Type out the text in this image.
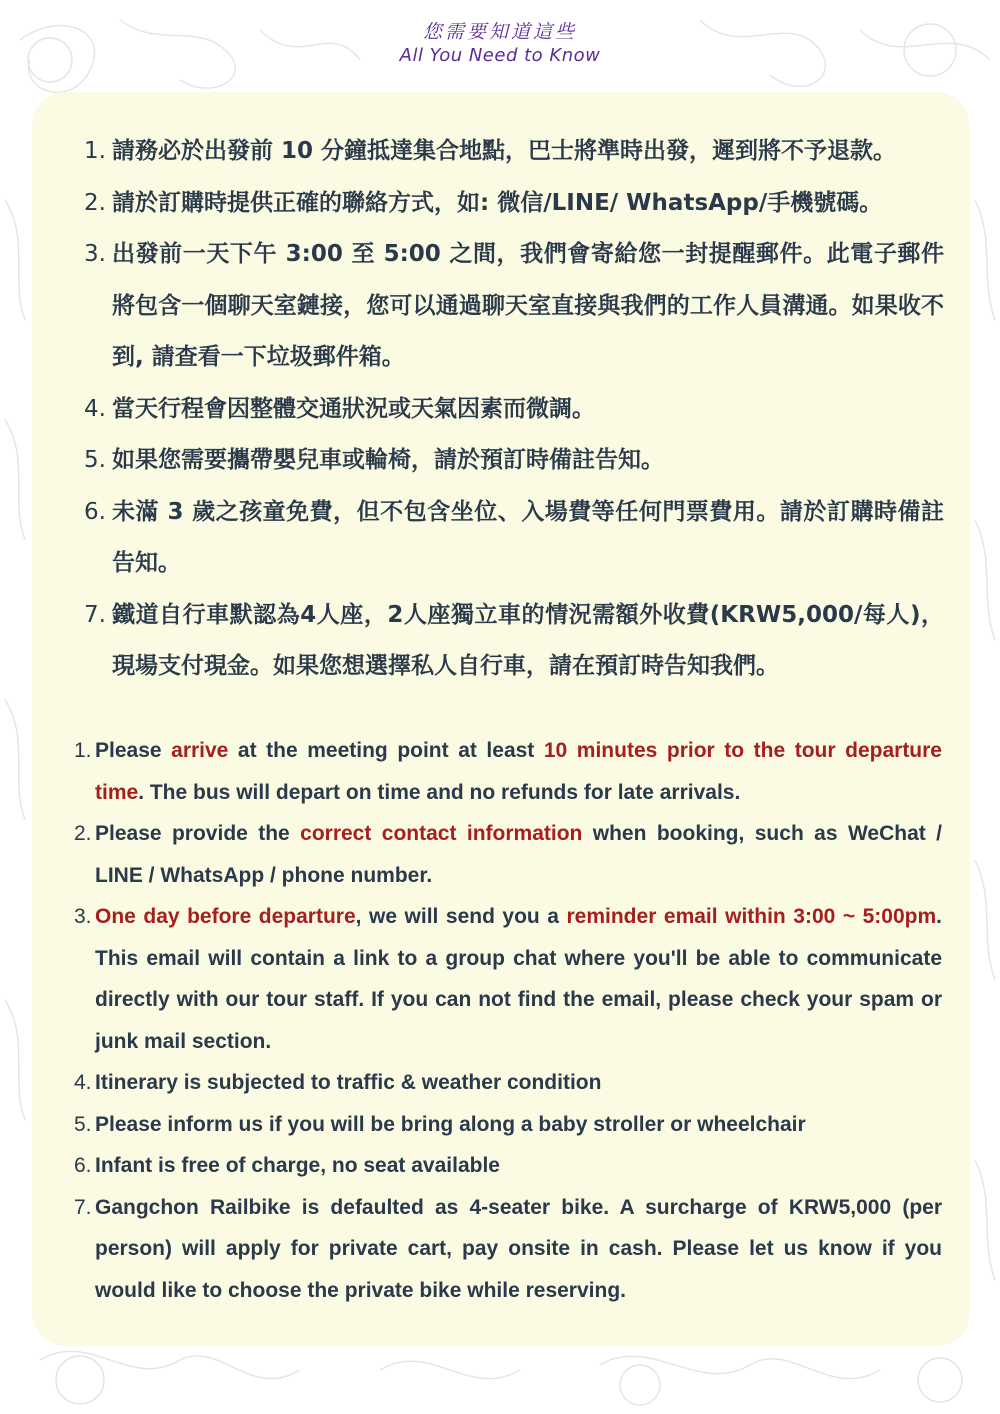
您需要知道這些
All You Need to Know
1. 請務必於出發前 10 分鐘抵達集合地點，巴士將準時出發，遲到將不予退款。
2. 請於訂購時提供正確的聯絡方式，如: 微信/LINE/ WhatsApp/手機號碼。
3. 出發前一天下午 3:00 至 5:00 之間，我們會寄給您一封提醒郵件。此電子郵件將包含一個聊天室鏈接，您可以通過聊天室直接與我們的工作人員溝通。如果收不到, 請查看一下垃圾郵件箱。
4. 當天行程會因整體交通狀況或天氣因素而微調。
5. 如果您需要攜帶嬰兒車或輪椅，請於預訂時備註告知。
6. 未滿 3 歲之孩童免費，但不包含坐位、入場費等任何門票費用。請於訂購時備註告知。
7. 鐵道自行車默認為4人座，2人座獨立車的情況需額外收費(KRW5,000/每人)，現場支付現金。如果您想選擇私人自行車，請在預訂時告知我們。
1. Please arrive at the meeting point at least 10 minutes prior to the tour departure time. The bus will depart on time and no refunds for late arrivals.
2. Please provide the correct contact information when booking, such as WeChat / LINE / WhatsApp / phone number.
3. One day before departure, we will send you a reminder email within 3:00 ~ 5:00pm. This email will contain a link to a group chat where you'll be able to communicate directly with our tour staff. If you can not find the email, please check your spam or junk mail section.
4. Itinerary is subjected to traffic & weather condition
5. Please inform us if you will be bring along a baby stroller or wheelchair
6. Infant is free of charge, no seat available
7. Gangchon Railbike is defaulted as 4-seater bike. A surcharge of KRW5,000 (per person) will apply for private cart, pay onsite in cash. Please let us know if you would like to choose the private bike while reserving.
